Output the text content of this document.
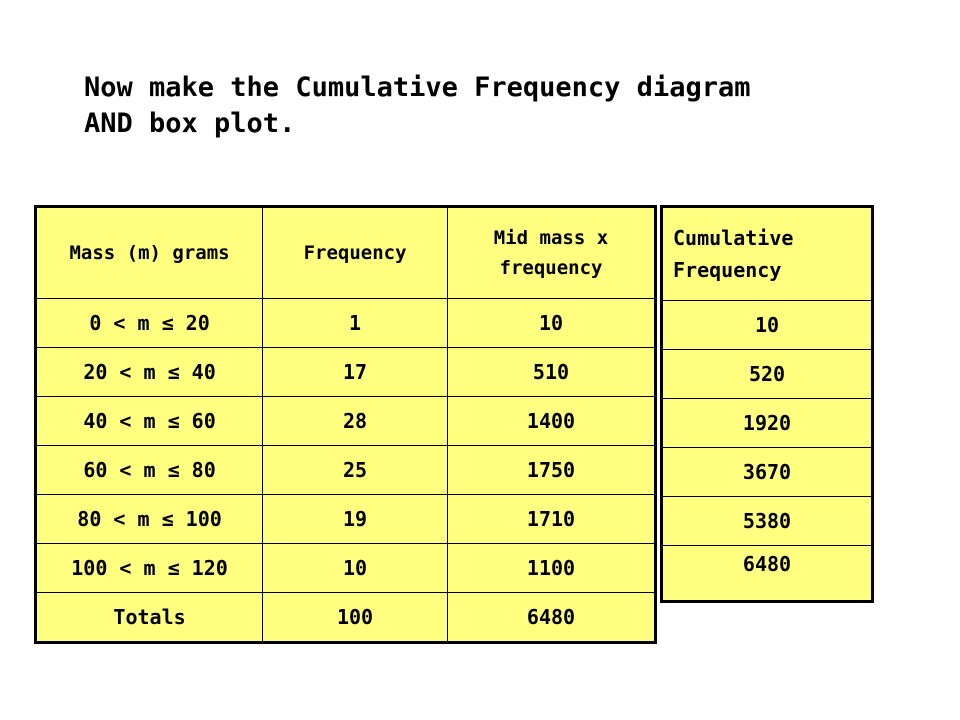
Now make the Cumulative Frequency diagram
AND box plot.
Mass (m) grams	Frequency	Mid mass x frequency
0 < m ≤ 20	1	10
20 < m ≤ 40	17	510
40 < m ≤ 60	28	1400
60 < m ≤ 80	25	1750
80 < m ≤ 100	19	1710
100 < m ≤ 120	10	1100
Totals	100	6480
Cumulative Frequency
10
520
1920
3670
5380
6480
